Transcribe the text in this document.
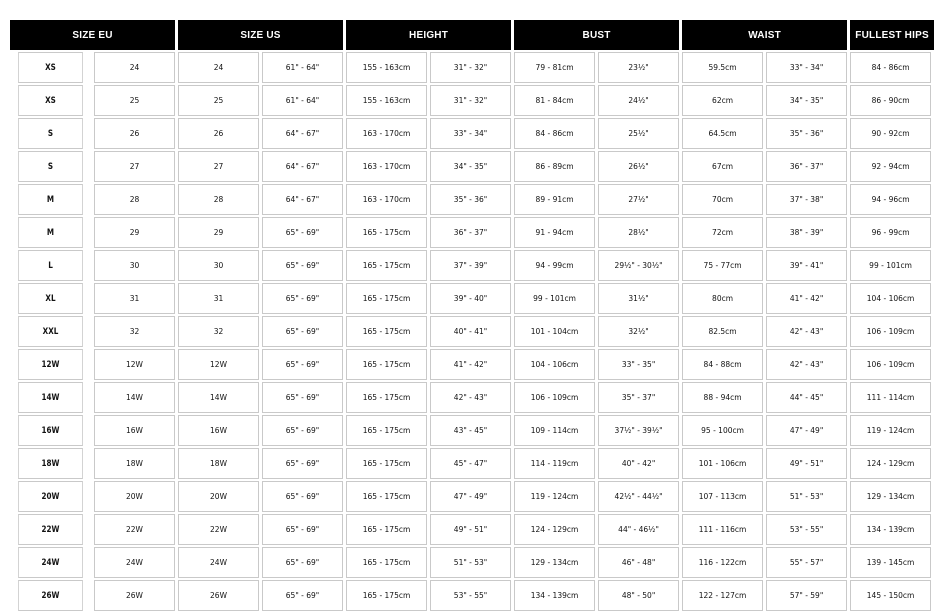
SIZE EU		SIZE US		HEIGHT		BUST		WAIST		FULLEST HIPS
XS	24	24	61" - 64"	155 - 163cm	31" - 32"	79 - 81cm	23½"	59.5cm	33" - 34"	84 - 86cm
XS	25	25	61" - 64"	155 - 163cm	31" - 32"	81 - 84cm	24½"	62cm	34" - 35"	86 - 90cm
S	26	26	64" - 67"	163 - 170cm	33" - 34"	84 - 86cm	25½"	64.5cm	35" - 36"	90 - 92cm
S	27	27	64" - 67"	163 - 170cm	34" - 35"	86 - 89cm	26½"	67cm	36" - 37"	92 - 94cm
M	28	28	64" - 67"	163 - 170cm	35" - 36"	89 - 91cm	27½"	70cm	37" - 38"	94 - 96cm
M	29	29	65" - 69"	165 - 175cm	36" - 37"	91 - 94cm	28½"	72cm	38" - 39"	96 - 99cm
L	30	30	65" - 69"	165 - 175cm	37" - 39"	94 - 99cm	29½" - 30½"	75 - 77cm	39" - 41"	99 - 101cm
XL	31	31	65" - 69"	165 - 175cm	39" - 40"	99 - 101cm	31½"	80cm	41" - 42"	104 - 106cm
XXL	32	32	65" - 69"	165 - 175cm	40" - 41"	101 - 104cm	32½"	82.5cm	42" - 43"	106 - 109cm
12W	12W	12W	65" - 69"	165 - 175cm	41" - 42"	104 - 106cm	33" - 35"	84 - 88cm	42" - 43"	106 - 109cm
14W	14W	14W	65" - 69"	165 - 175cm	42" - 43"	106 - 109cm	35" - 37"	88 - 94cm	44" - 45"	111 - 114cm
16W	16W	16W	65" - 69"	165 - 175cm	43" - 45"	109 - 114cm	37½" - 39½"	95 - 100cm	47" - 49"	119 - 124cm
18W	18W	18W	65" - 69"	165 - 175cm	45" - 47"	114 - 119cm	40" - 42"	101 - 106cm	49" - 51"	124 - 129cm
20W	20W	20W	65" - 69"	165 - 175cm	47" - 49"	119 - 124cm	42½" - 44½"	107 - 113cm	51" - 53"	129 - 134cm
22W	22W	22W	65" - 69"	165 - 175cm	49" - 51"	124 - 129cm	44" - 46½"	111 - 116cm	53" - 55"	134 - 139cm
24W	24W	24W	65" - 69"	165 - 175cm	51" - 53"	129 - 134cm	46" - 48"	116 - 122cm	55" - 57"	139 - 145cm
26W	26W	26W	65" - 69"	165 - 175cm	53" - 55"	134 - 139cm	48" - 50"	122 - 127cm	57" - 59"	145 - 150cm
